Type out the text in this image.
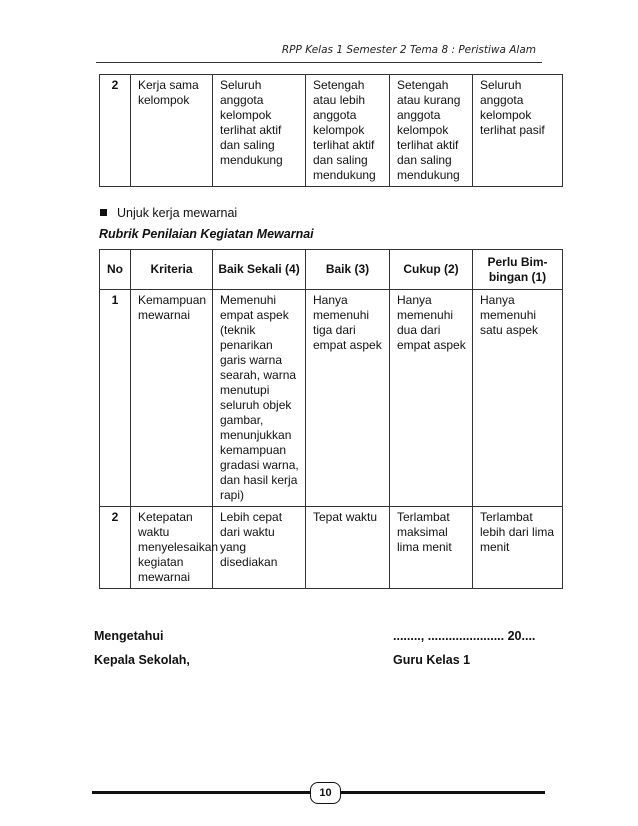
RPP Kelas 1 Semester 2 Tema 8 : Peristiwa Alam
2	Kerja sama kelompok	Seluruh anggota kelompok terlihat aktif dan saling mendukung	Setengah atau lebih anggota kelompok terlihat aktif dan saling mendukung	Setengah atau kurang anggota kelompok terlihat aktif dan saling mendukung	Seluruh anggota kelompok terlihat pasif
Unjuk kerja mewarnai
Rubrik Penilaian Kegiatan Mewarnai
No	Kriteria	Baik Sekali (4)	Baik (3)	Cukup (2)	Perlu Bim-bingan (1)
1	Kemampuan mewarnai	Memenuhi empat aspek (teknik penarikan garis warna searah, warna menutupi seluruh objek gambar, menunjukkan kemampuan gradasi warna, dan hasil kerja rapi)	Hanya memenuhi tiga dari empat aspek	Hanya memenuhi dua dari empat aspek	Hanya memenuhi satu aspek
2	Ketepatan waktu menyelesaikan kegiatan mewarnai	Lebih cepat dari waktu yang disediakan	Tepat waktu	Terlambat maksimal lima menit	Terlambat lebih dari lima menit
Mengetahui
Kepala Sekolah,
........, ...................... 20....
Guru Kelas 1
10
